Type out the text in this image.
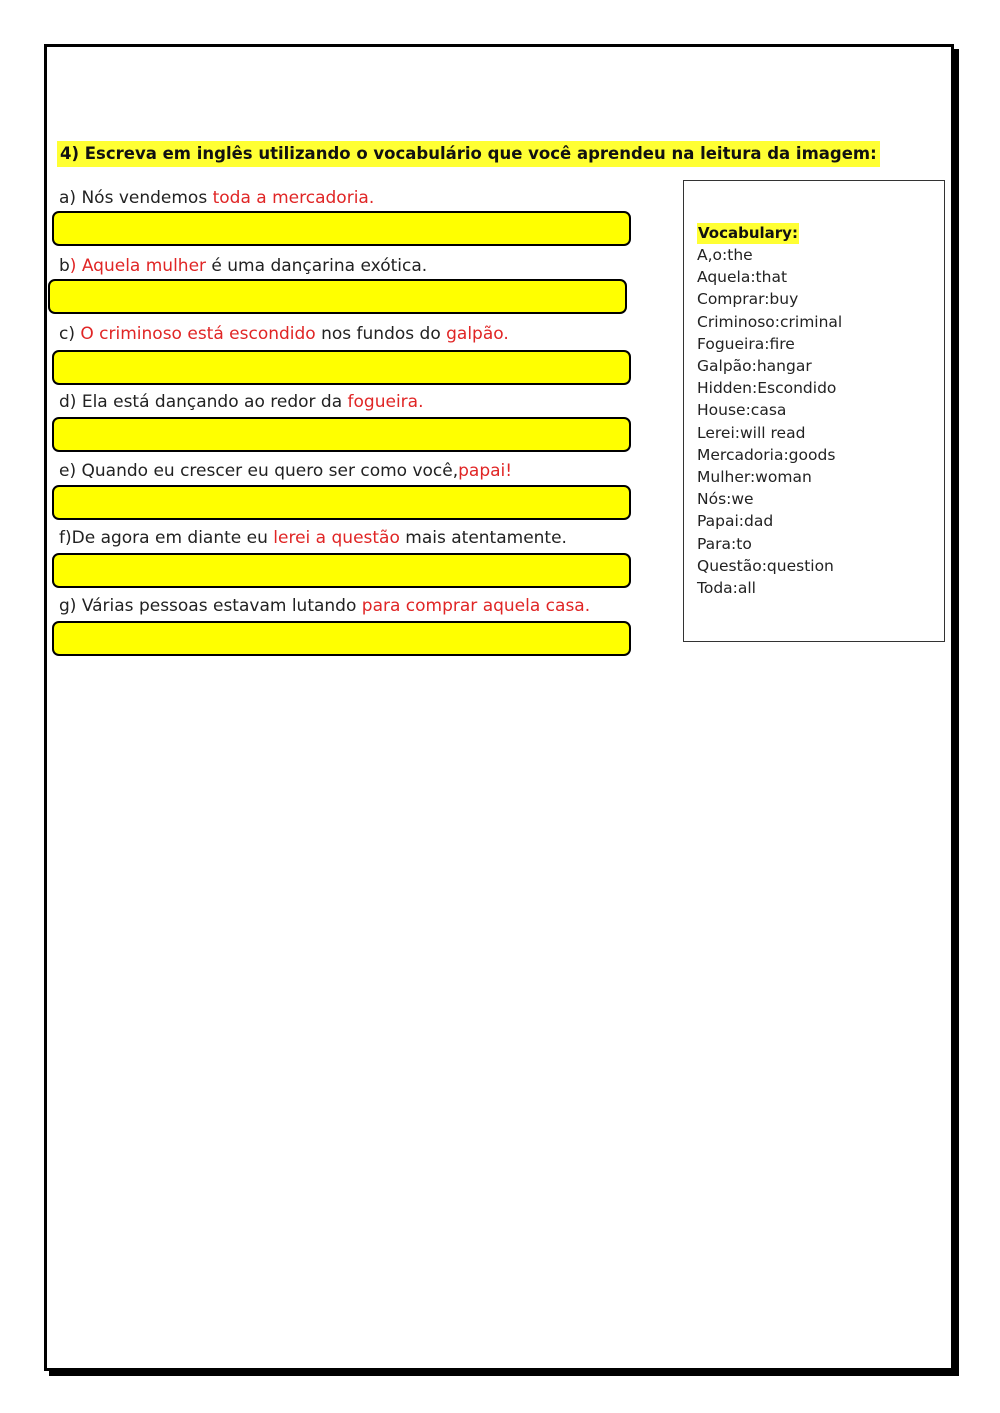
4) Escreva em inglês utilizando o vocabulário que você aprendeu na leitura da imagem:
a) Nós vendemos toda a mercadoria.
b) Aquela mulher é uma dançarina exótica.
c) O criminoso está escondido nos fundos do galpão.
d) Ela está dançando ao redor da fogueira.
e) Quando eu crescer eu quero ser como você,papai!
f)De agora em diante eu lerei a questão mais atentamente.
g) Várias pessoas estavam lutando para comprar aquela casa.
Vocabulary:
A,o:the
Aquela:that
Comprar:buy
Criminoso:criminal
Fogueira:fire
Galpão:hangar
Hidden:Escondido
House:casa
Lerei:will read
Mercadoria:goods
Mulher:woman
Nós:we
Papai:dad
Para:to
Questão:question
Toda:all
